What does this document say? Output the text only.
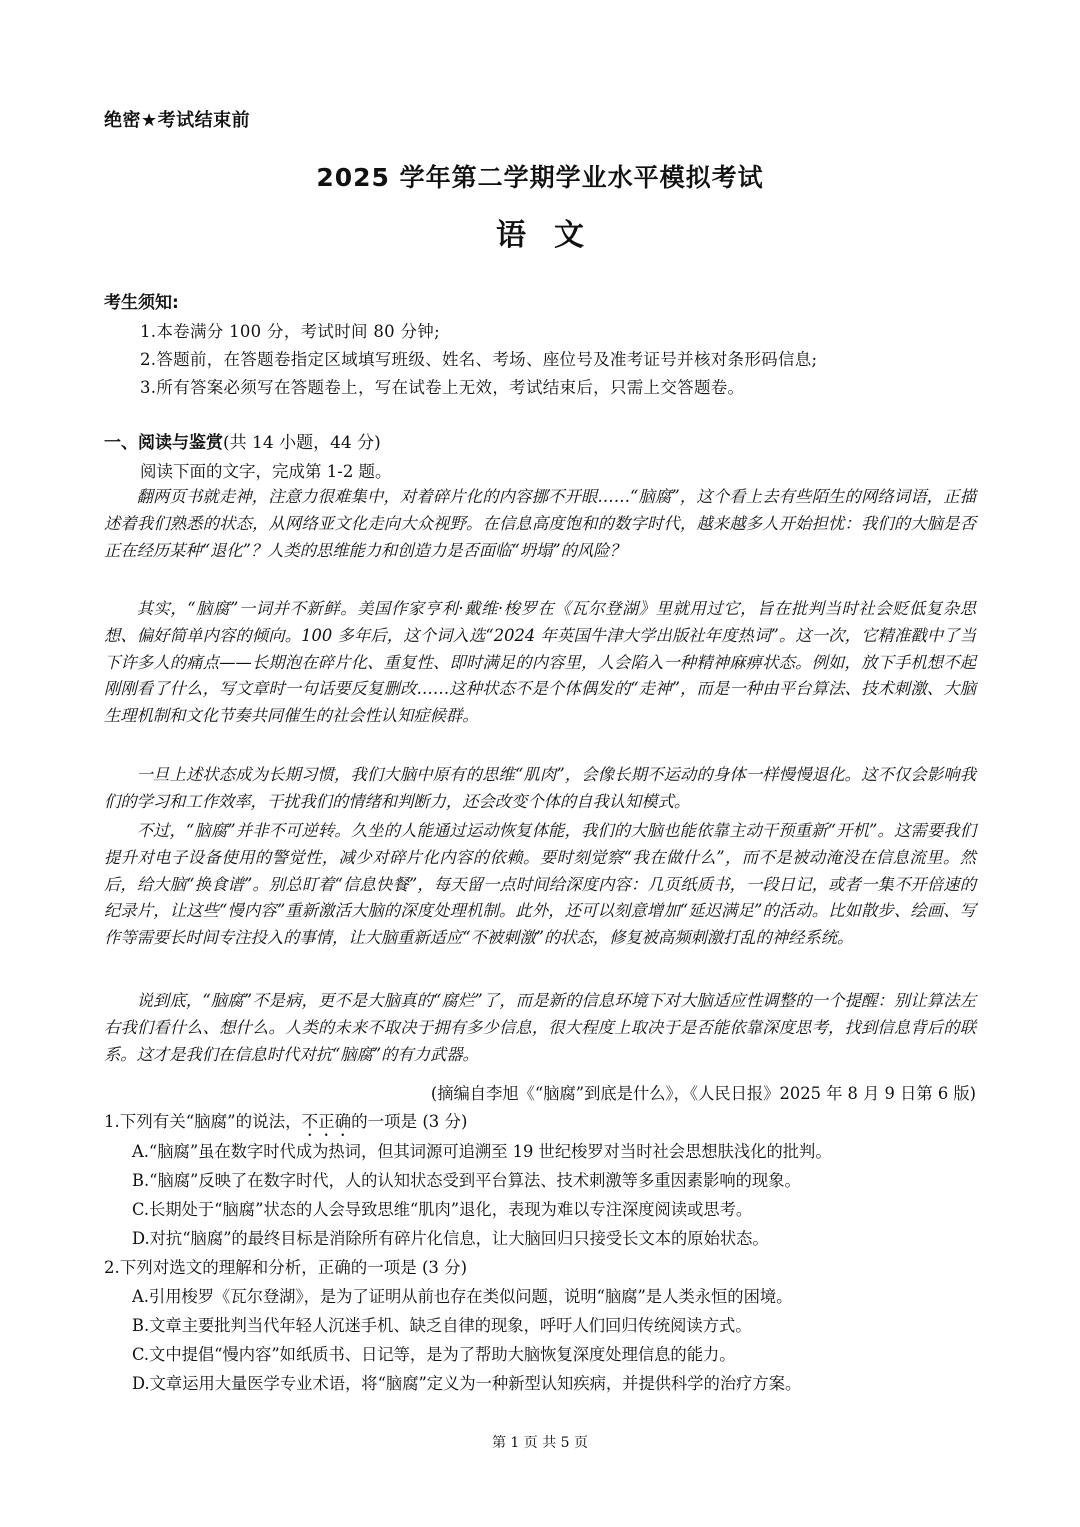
绝密★考试结束前
2025 学年第二学期学业水平模拟考试
语文
考生须知:
1.本卷满分 100 分，考试时间 80 分钟;
2.答题前，在答题卷指定区域填写班级、姓名、考场、座位号及准考证号并核对条形码信息;
3.所有答案必须写在答题卷上，写在试卷上无效，考试结束后，只需上交答题卷。
一、阅读与鉴赏(共 14 小题，44 分)
阅读下面的文字，完成第 1-2 题。

翻两页书就走神，注意力很难集中，对着碎片化的内容挪不开眼……“脑腐”，这个看上去有些陌生的网络词语，正描述着我们熟悉的状态，从网络亚文化走向大众视野。在信息高度饱和的数字时代，越来越多人开始担忧：我们的大脑是否正在经历某种“退化”？人类的思维能力和创造力是否面临“坍塌”的风险？

其实，“脑腐”一词并不新鲜。美国作家亨利·戴维·梭罗在《瓦尔登湖》里就用过它，旨在批判当时社会贬低复杂思想、偏好简单内容的倾向。100 多年后，这个词入选“2024 年英国牛津大学出版社年度热词”。这一次，它精准戳中了当下许多人的痛点——长期泡在碎片化、重复性、即时满足的内容里，人会陷入一种精神麻痹状态。例如，放下手机想不起刚刚看了什么，写文章时一句话要反复删改……这种状态不是个体偶发的“走神”，而是一种由平台算法、技术刺激、大脑生理机制和文化节奏共同催生的社会性认知症候群。

一旦上述状态成为长期习惯，我们大脑中原有的思维“肌肉”，会像长期不运动的身体一样慢慢退化。这不仅会影响我们的学习和工作效率，干扰我们的情绪和判断力，还会改变个体的自我认知模式。

不过，“脑腐”并非不可逆转。久坐的人能通过运动恢复体能，我们的大脑也能依靠主动干预重新“开机”。这需要我们提升对电子设备使用的警觉性，减少对碎片化内容的依赖。要时刻觉察“我在做什么”，而不是被动淹没在信息流里。然后，给大脑“换食谱”。别总盯着“信息快餐”，每天留一点时间给深度内容：几页纸质书，一段日记，或者一集不开倍速的纪录片，让这些“慢内容”重新激活大脑的深度处理机制。此外，还可以刻意增加“延迟满足”的活动。比如散步、绘画、写作等需要长时间专注投入的事情，让大脑重新适应“不被刺激”的状态，修复被高频刺激打乱的神经系统。

说到底，“脑腐”不是病，更不是大脑真的“腐烂”了，而是新的信息环境下对大脑适应性调整的一个提醒：别让算法左右我们看什么、想什么。人类的未来不取决于拥有多少信息，很大程度上取决于是否能依靠深度思考，找到信息背后的联系。这才是我们在信息时代对抗“脑腐”的有力武器。

(摘编自李旭《“脑腐”到底是什么》，《人民日报》2025 年 8 月 9 日第 6 版)
1.下列有关“脑腐”的说法，不正确的一项是 (3 分)
A.“脑腐”虽在数字时代成为热词，但其词源可追溯至 19 世纪梭罗对当时社会思想肤浅化的批判。
B.“脑腐”反映了在数字时代，人的认知状态受到平台算法、技术刺激等多重因素影响的现象。
C.长期处于“脑腐”状态的人会导致思维“肌肉”退化，表现为难以专注深度阅读或思考。
D.对抗“脑腐”的最终目标是消除所有碎片化信息，让大脑回归只接受长文本的原始状态。
2.下列对选文的理解和分析，正确的一项是 (3 分)
A.引用梭罗《瓦尔登湖》，是为了证明从前也存在类似问题，说明“脑腐”是人类永恒的困境。
B.文章主要批判当代年轻人沉迷手机、缺乏自律的现象，呼吁人们回归传统阅读方式。
C.文中提倡“慢内容”如纸质书、日记等，是为了帮助大脑恢复深度处理信息的能力。
D.文章运用大量医学专业术语，将“脑腐”定义为一种新型认知疾病，并提供科学的治疗方案。
第 1 页 共 5 页
